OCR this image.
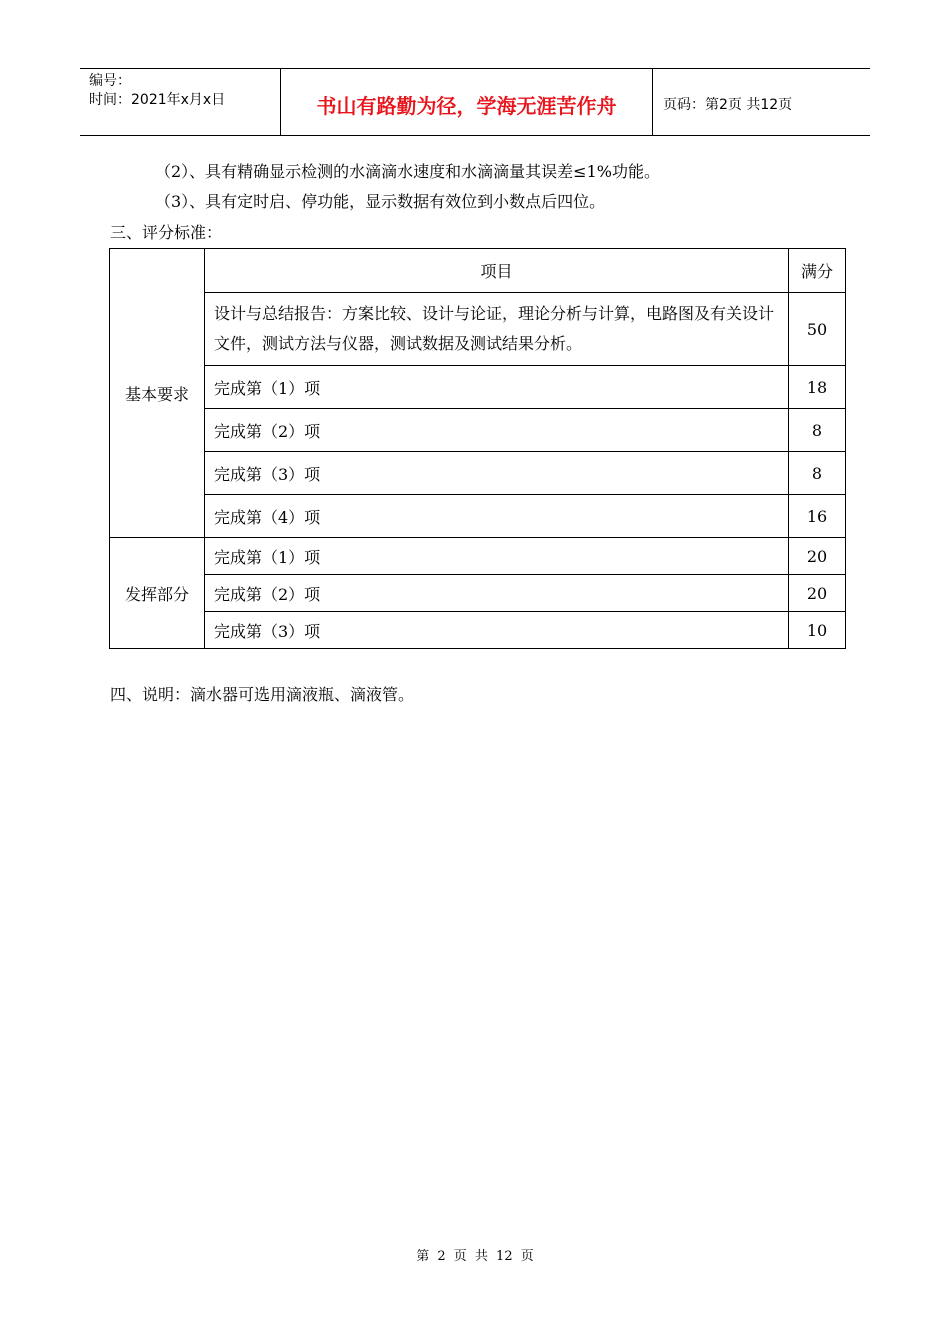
编号：
时间：2021年x月x日	书山有路勤为径，学海无涯苦作舟	页码：第2页 共12页
（2）、具有精确显示检测的水滴滴水速度和水滴滴量其误差≤1%功能。
（3）、具有定时启、停功能，显示数据有效位到小数点后四位。
三、评分标准：
基本要求	项目	满分
	设计与总结报告：方案比较、设计与论证，理论分析与计算，电路图及有关设计文件，测试方法与仪器，测试数据及测试结果分析。	50
	完成第（1）项	18
	完成第（2）项	8
	完成第（3）项	8
	完成第（4）项	16
发挥部分	完成第（1）项	20
	完成第（2）项	20
	完成第（3）项	10
四、说明：滴水器可选用滴液瓶、滴液管。
第 2 页 共 12 页
